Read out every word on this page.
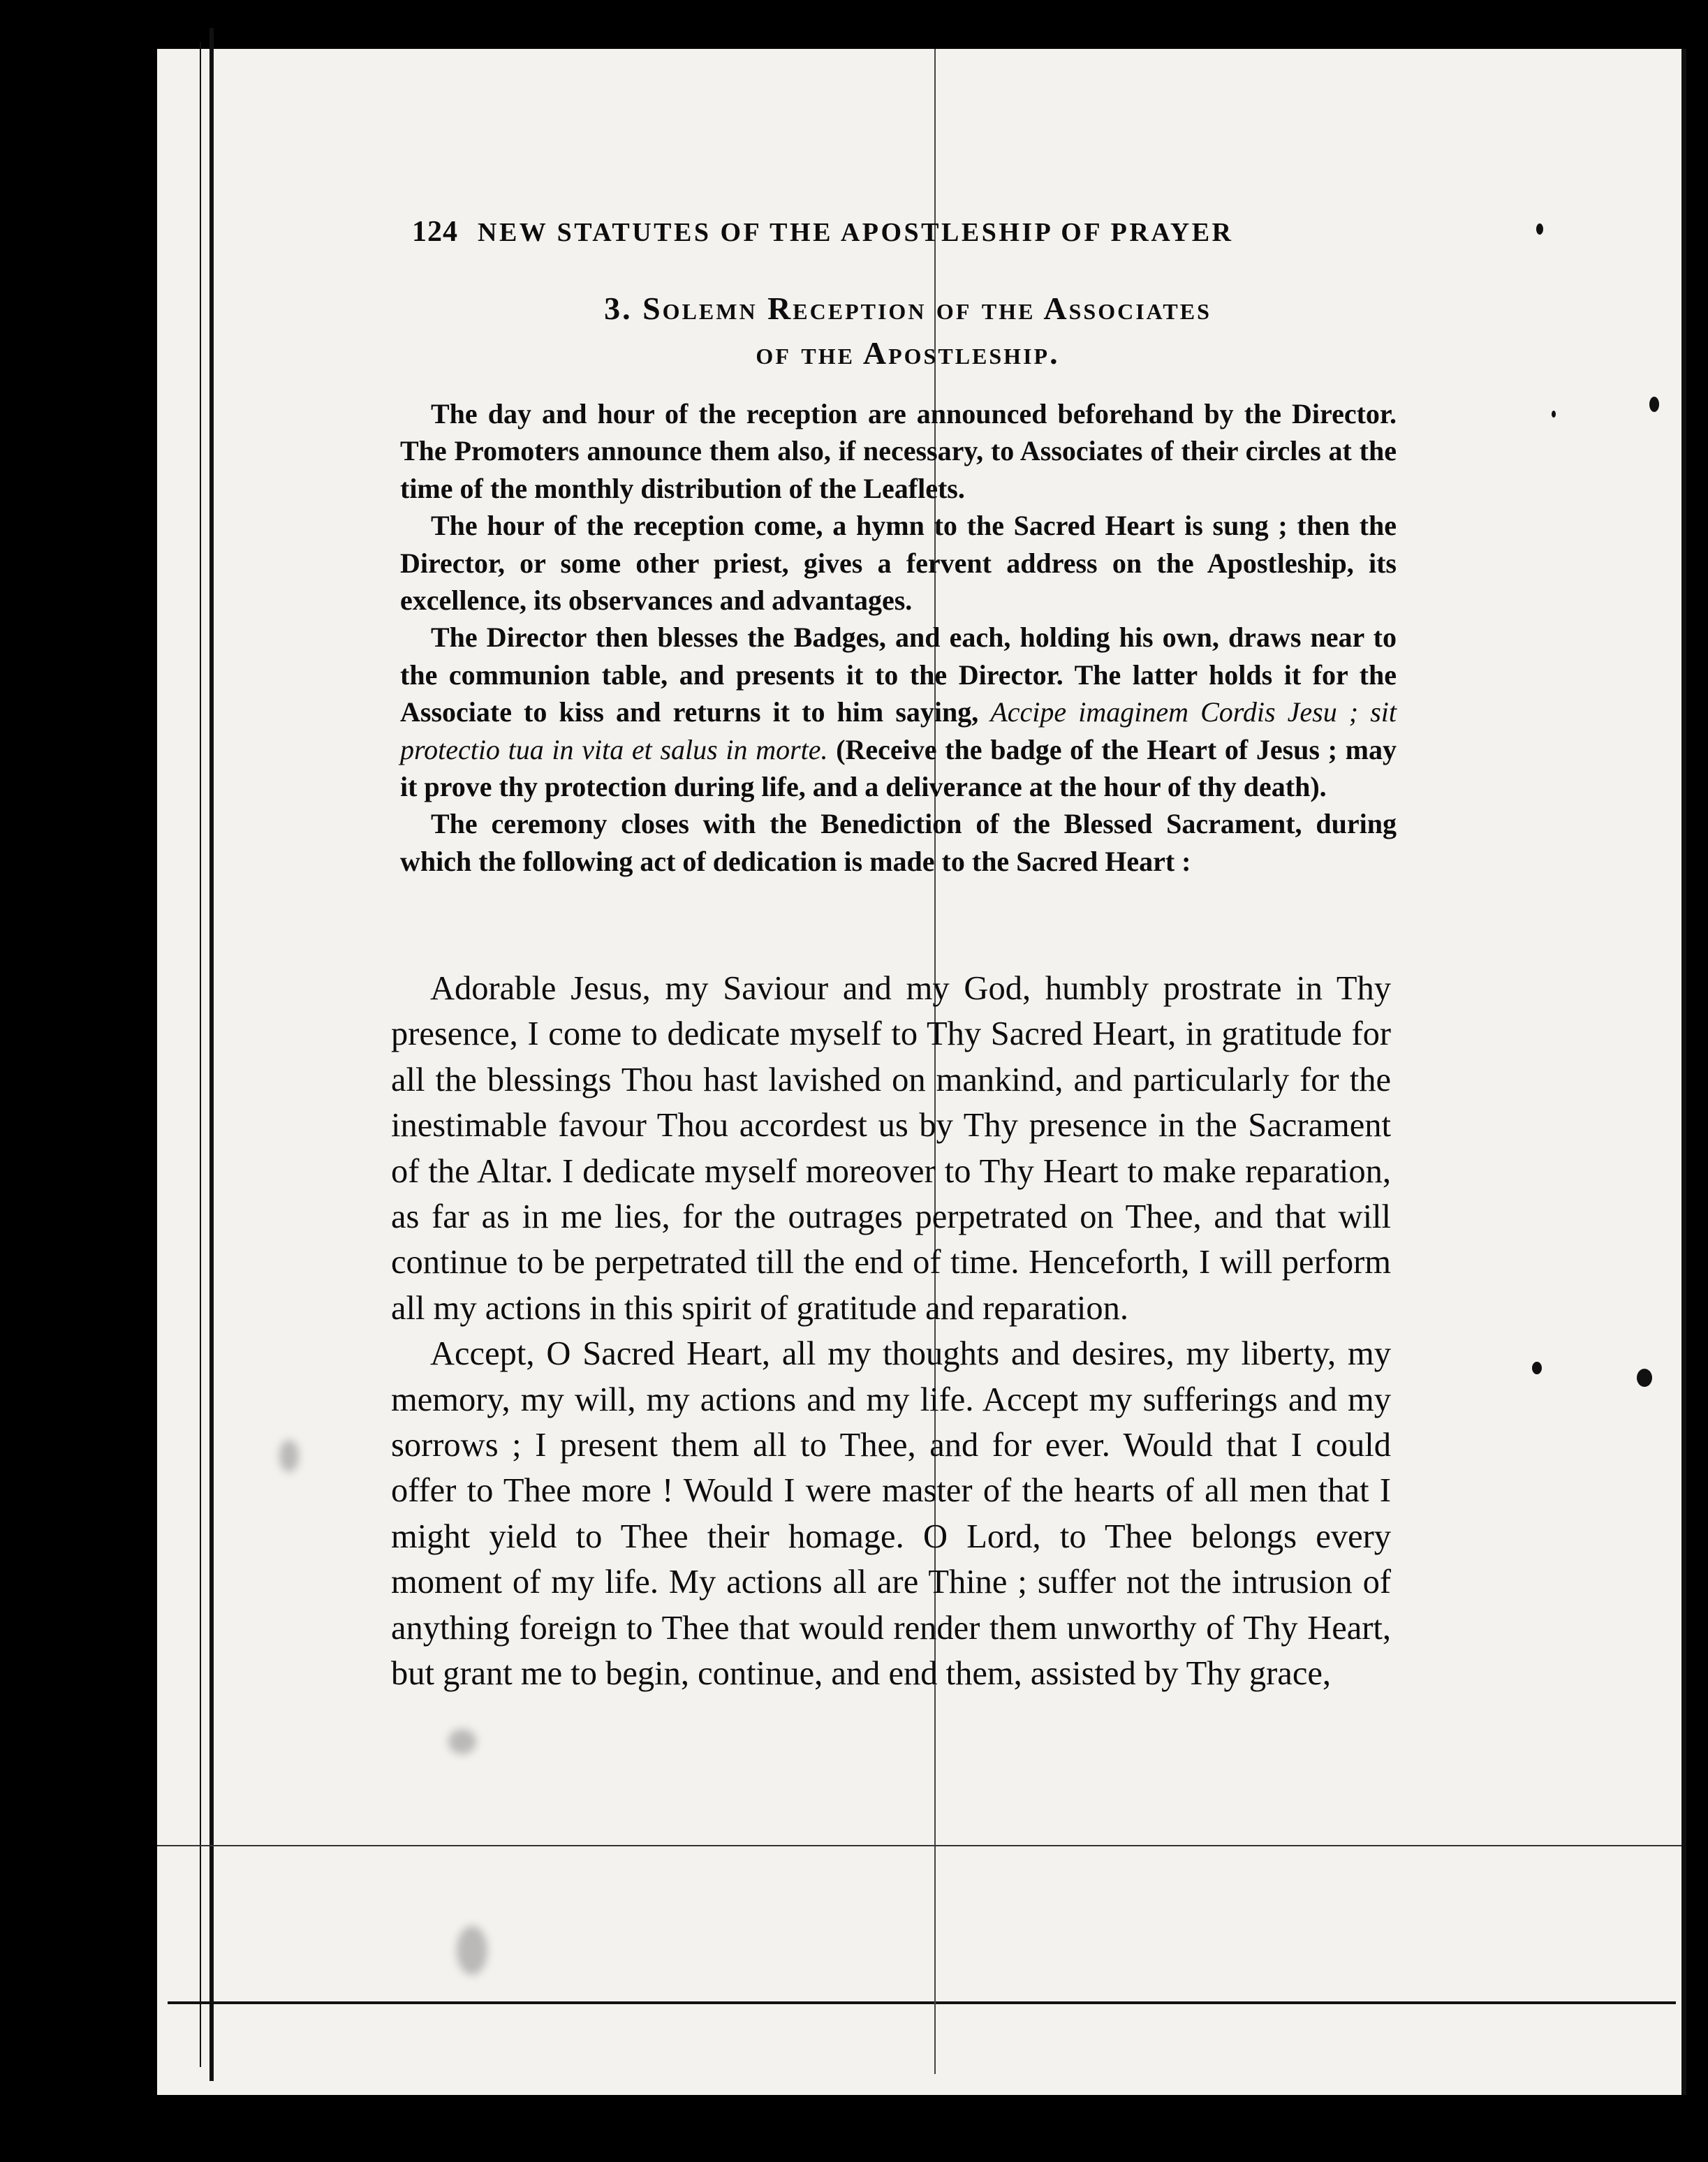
124 NEW STATUTES OF THE APOSTLESHIP OF PRAYER
3. Solemn Reception of the Associates
of the Apostleship.

The day and hour of the reception are announced beforehand by the Director. The Promoters announce them also, if necessary, to Associates of their circles at the time of the monthly distribution of the Leaflets.

The hour of the reception come, a hymn to the Sacred Heart is sung ; then the Director, or some other priest, gives a fervent address on the Apostleship, its excellence, its observances and advantages.

The Director then blesses the Badges, and each, holding his own, draws near to the communion table, and presents it to the Director. The latter holds it for the Associate to kiss and returns it to him saying, Accipe imaginem Cordis Jesu ; sit protectio tua in vita et salus in morte. (Receive the badge of the Heart of Jesus ; may it prove thy protection during life, and a deliverance at the hour of thy death).

The ceremony closes with the Benediction of the Blessed Sacrament, during which the following act of dedication is made to the Sacred Heart :

Adorable Jesus, my Saviour and my God, humbly prostrate in Thy presence, I come to dedicate myself to Thy Sacred Heart, in gratitude for all the blessings Thou hast lavished on mankind, and particularly for the inestimable favour Thou accordest us by Thy presence in the Sacrament of the Altar. I dedicate myself moreover to Thy Heart to make reparation, as far as in me lies, for the outrages perpetrated on Thee, and that will continue to be perpetrated till the end of time. Henceforth, I will perform all my actions in this spirit of gratitude and reparation.

Accept, O Sacred Heart, all my thoughts and desires, my liberty, my memory, my will, my actions and my life. Accept my sufferings and my sorrows ; I present them all to Thee, and for ever. Would that I could offer to Thee more ! Would I were master of the hearts of all men that I might yield to Thee their homage. O Lord, to Thee belongs every moment of my life. My actions all are Thine ; suffer not the intrusion of anything foreign to Thee that would render them unworthy of Thy Heart, but grant me to begin, continue, and end them, assisted by Thy grace,
